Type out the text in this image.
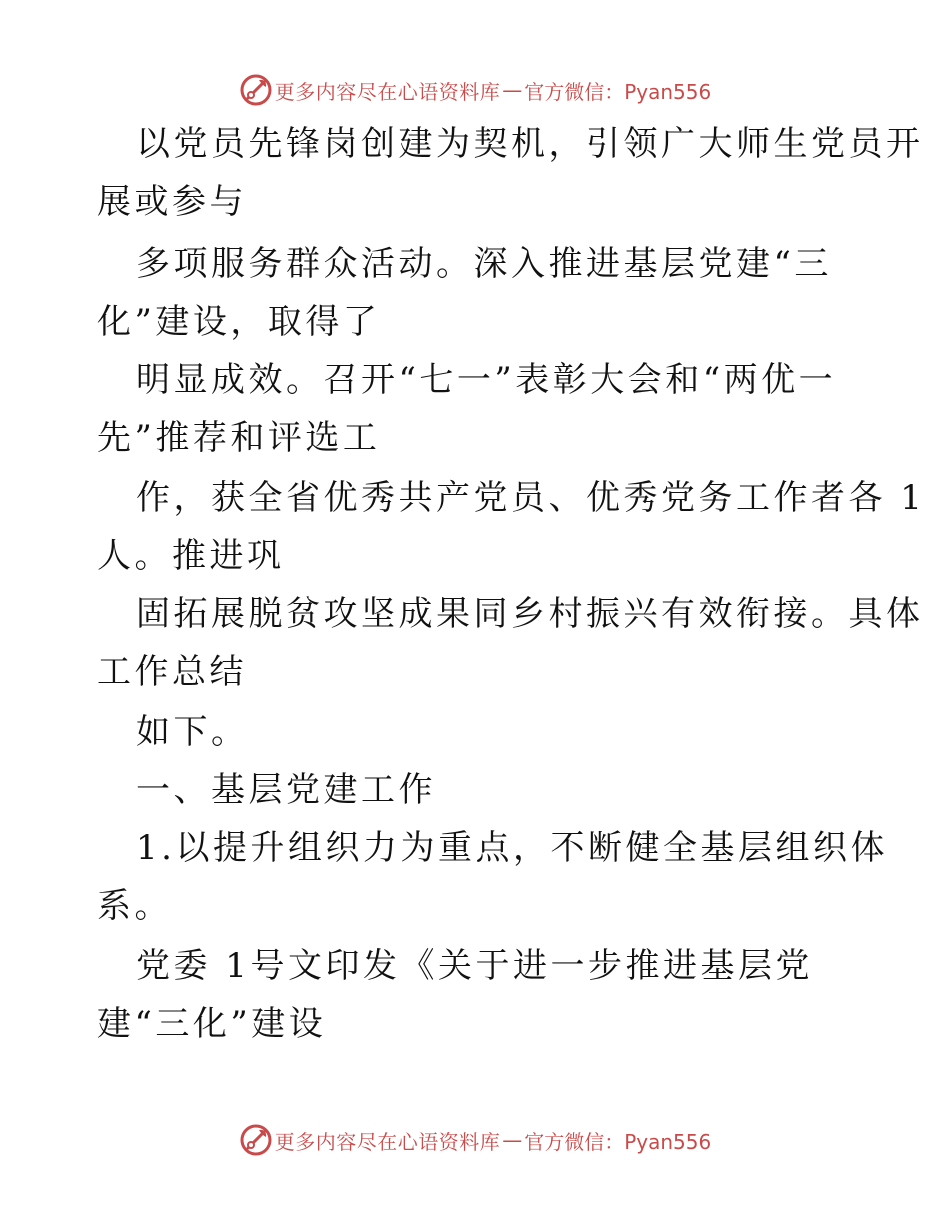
更多内容尽在心语资料库 — 官方微信：Pyan556
以党员先锋岗创建为契机，引领广大师生党员开
展或参与
多项服务群众活动。深入推进基层党建“三
化”建设，取得了
明显成效。召开“七一”表彰大会和“两优一
先”推荐和评选工
作，获全省优秀共产党员、优秀党务工作者各 1
人。推进巩
固拓展脱贫攻坚成果同乡村振兴有效衔接。具体
工作总结
如下。
一、基层党建工作
1.以提升组织力为重点，不断健全基层组织体
系。
党委 1号文印发《关于进一步推进基层党
建“三化”建设
更多内容尽在心语资料库 — 官方微信：Pyan556
